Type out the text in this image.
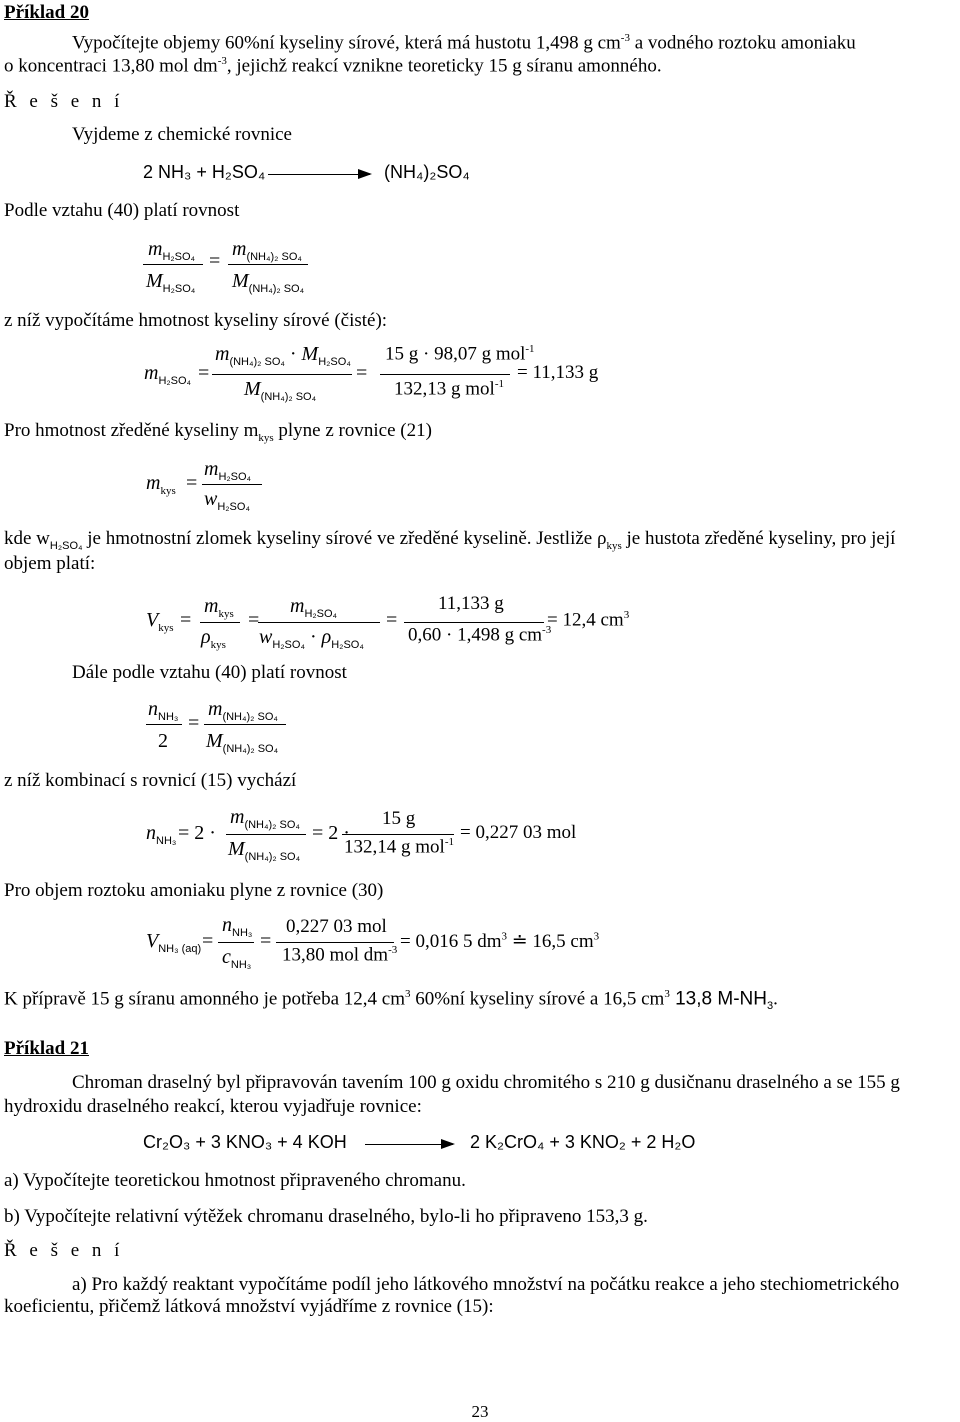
Příklad 20
Vypočítejte objemy 60%ní kyseliny sírové, která má hustotu 1,498 g $cm^{-3}$ a vodného roztoku amoniaku
o koncentraci 13,80 mol $dm^{-3}$, jejichž reakcí vznikne teoreticky 15 g síranu amonného.
Ř e š e n í
Vyjdeme z chemické rovnice
2 NH₃ + H₂SO₄	(NH₄)₂SO₄
Podle vztahu (40) platí rovnost
$m_{H_2SO_4}$
$M_{H_2SO_4}$
=
$m_{(NH_4)_2 SO_4}$
$M_{(NH_4)_2 SO_4}$
z níž vypočítáme hmotnost kyseliny sírové (čisté):
$m_{H_2SO_4}$ =
$m_{(NH_4)_2 SO_4} \cdot M_{H_2SO_4}$
$M_{(NH_4)_2 SO_4}$
=
15 g · 98,07 g mol$^{-1}$
132,13 g mol$^{-1}$
= 11,133 g
Pro hmotnost zředěné kyseliny $m_{kys}$ plyne z rovnice (21)
$m_{kys}$ =
$m_{H_2SO_4}$
$w_{H_2SO_4}$
kde $w_{H_2SO_4}$ je hmotnostní zlomek kyseliny sírové ve zředěné kyselině. Jestliže $\rho_{kys}$ je hustota zředěné kyseliny, pro její
objem platí:
$V_{kys}$ =
$m_{kys}$
$\rho_{kys}$
=
$m_{H_2SO_4}$
$w_{H_2SO_4} \cdot \rho_{H_2SO_4}$
=
11,133 g
0,60 · 1,498 g $cm^{-3}$
= 12,4 $cm^3$
Dále podle vztahu (40) platí rovnost
$n_{NH_3}$
2
=
$m_{(NH_4)_2 SO_4}$
$M_{(NH_4)_2 SO_4}$
z níž kombinací s rovnicí (15) vychází
$n_{NH_3} = 2$ ·
$m_{(NH_4)_2 SO_4}$
$M_{(NH_4)_2 SO_4}$
= 2 ·
15 g
132,14 g mol$^{-1}$ = 0,227 03 mol
Pro objem roztoku amoniaku plyne z rovnice (30)
$V_{NH_3 (aq)}$ =
$n_{NH_3}$
$c_{NH_3}$
=
0,227 03 mol
13,80 mol $dm^{-3} = 0,016$ 5 $dm^3$ ≐ 16,5 $cm^3$
K přípravě 15 g síranu amonného je potřeba 12,4 $cm^3$ 60%ní kyseliny sírové a 16,5 $cm^3$ 13,8 $M-NH_3$.
Příklad 21
Chroman draselný byl připravován tavením 100 g oxidu chromitého s 210 g dusičnanu draselného a se 155 g
hydroxidu draselného reakcí, kterou vyjadřuje rovnice:
Cr₂O₃ + 3 KNO₃ + 4 KOH	2 K₂CrO₄ + 3 KNO₂ + 2 H₂O
a) Vypočítejte teoretickou hmotnost připraveného chromanu.
b) Vypočítejte relativní výtěžek chromanu draselného, bylo-li ho připraveno 153,3 g.
Ř e š e n í
a) Pro každý reaktant vypočítáme podíl jeho látkového množství na počátku reakce a jeho stechiometrického
koeficientu, přičemž látková množství vyjádříme z rovnice (15):
23
